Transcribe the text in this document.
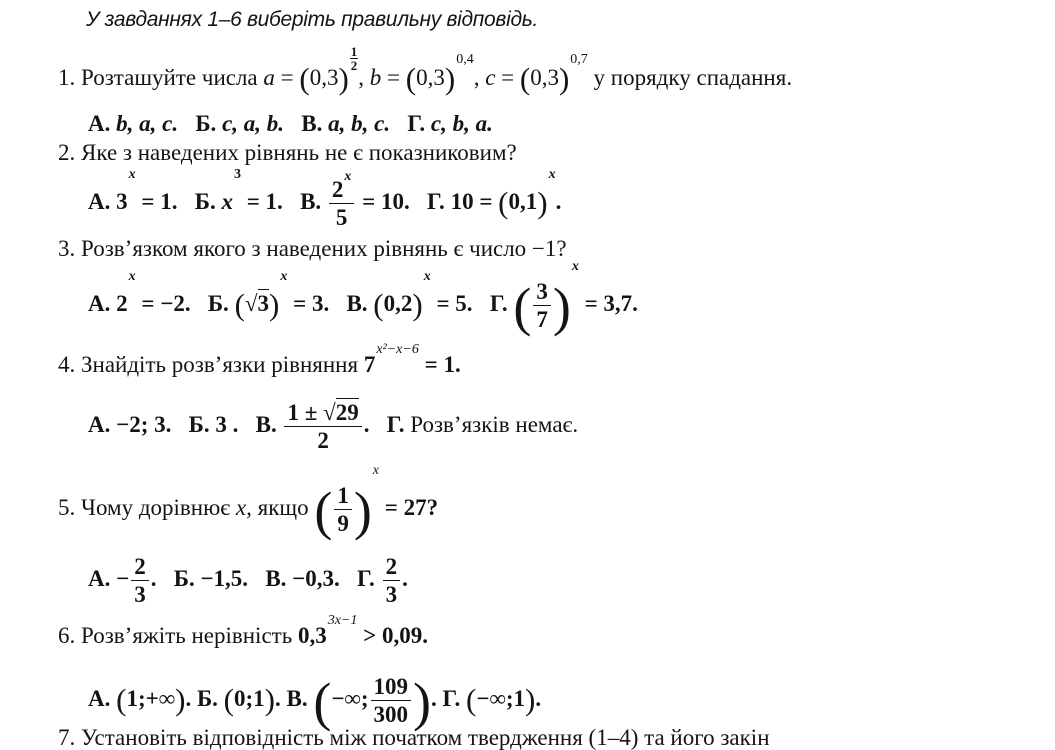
У завданнях 1–6 виберіть правильну відповідь.
1. Розташуйте числа a = (0,3)
$\frac{1}{2}$
, $b = (0,3)^{0,4}$, $c = (0,3)^{0,7}$ у порядку спадання.
А. b, a, c. Б. c, a, b. В. a, b, c. Г. c, b, a.
2. Яке з наведених рівнянь не є показниковим?
А. $3^x = 1$. Б. $x^3 = 1$. В. $\frac{2^x}{5} = 10$. Г. $10 = (0,1)^x$.
3. Розв’язком якого з наведених рівнянь є число −1?
А. $2^x = -2$. Б. $(√3)^x = 3$. В. $(0,2)^x = 5$. Г. ( $\frac{3}{7} )^x = 3,7$.
4. Знайдіть розв’язки рівняння $7^{x^2-x-6} = 1$.
А. −2; 3. Б. 3 . В. $\frac{1 \pm √29}{2}$ .   Г. Розв’язків немає.
5. Чому дорівнює x, якщо ( $\frac{1}{9} )^x = 27$?
А. − $\frac{2}{3}$ .   Б. −1,5. В. −0,3. Г. $\frac{2}{3}$ .
6. Розв’яжіть нерівність $0,3^{3x-1} > 0,09$.
А. (1;+∞). Б. (0;1). В. (−∞; $\frac{109}{300}$ ). Г. (−∞;1).
7. Установіть відповідність між початком твердження (1–4) та його закін
